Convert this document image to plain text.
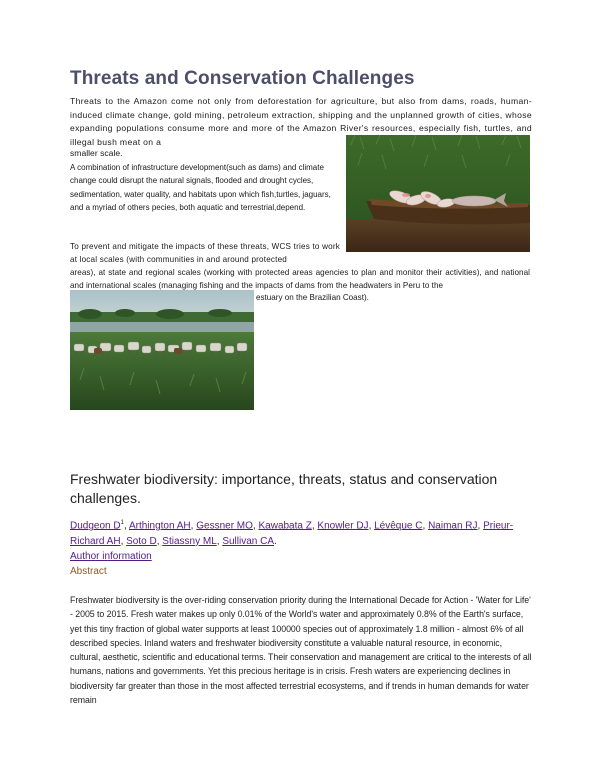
Threats and Conservation Challenges

Threats to the Amazon come not only from deforestation for agriculture, but also from dams, roads, human-induced climate change, gold mining, petroleum extraction, shipping and the unplanned growth of cities, whose expanding populations consume more and more of the Amazon River's resources, especially fish, turtles, and illegal bush meat on a

smaller scale.

A combination of infrastructure development(such as dams) and climate change could disrupt the natural signals, flooded and drought cycles, sedimentation, water quality, and habitats upon which fish,turtles, jaguars, and a myriad of others pecies, both aquatic and terrestrial,depend.

To prevent and mitigate the impacts of these threats, WCS tries to work at local scales (with communities in and around protected

areas), at state and regional scales (working with protected areas agencies to plan and monitor their activities), and national and international scales (managing fishing and the impacts of dams from the headwaters in Peru to the

estuary on the Brazilian Coast).

Freshwater biodiversity: importance, threats, status and conservation challenges.
Dudgeon $D^1$, Arthington AH, Gessner MO, Kawabata Z, Knowler DJ, Lévêque C, Naiman RJ, Prieur-Richard AH, Soto D, Stiassny ML, Sullivan CA.
Author information
Abstract

Freshwater biodiversity is the over-riding conservation priority during the International Decade for Action - 'Water for Life' - 2005 to 2015. Fresh water makes up only 0.01% of the World's water and approximately 0.8% of the Earth's surface, yet this tiny fraction of global water supports at least 100000 species out of approximately 1.8 million - almost 6% of all described species. Inland waters and freshwater biodiversity constitute a valuable natural resource, in economic, cultural, aesthetic, scientific and educational terms. Their conservation and management are critical to the interests of all humans, nations and governments. Yet this precious heritage is in crisis. Fresh waters are experiencing declines in biodiversity far greater than those in the most affected terrestrial ecosystems, and if trends in human demands for water remain
